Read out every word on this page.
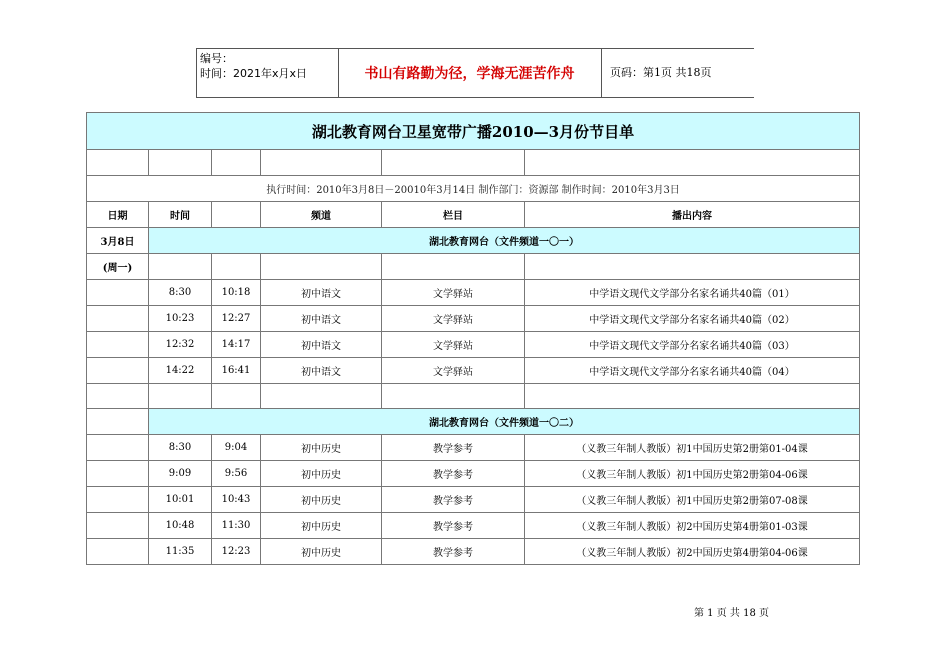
编号：
时间：2021年x月x日	书山有路勤为径，学海无涯苦作舟	页码：第1页 共18页
湖北教育网台卫星宽带广播2010—3月份节目单					

执行时间：2010年3月8日－20010年3月14日 制作部门：资源部 制作时间：2010年3月3日					
日期	时间		频道	栏目	播出内容
3月8日	湖北教育网台（文件频道一〇一）				
(周一)					
	8:30	10:18	初中语文	文学驿站	中学语文现代文学部分名家名诵共40篇（01）
	10:23	12:27	初中语文	文学驿站	中学语文现代文学部分名家名诵共40篇（02）
	12:32	14:17	初中语文	文学驿站	中学语文现代文学部分名家名诵共40篇（03）
	14:22	16:41	初中语文	文学驿站	中学语文现代文学部分名家名诵共40篇（04）

	湖北教育网台（文件频道一〇二）				
	8:30	9:04	初中历史	教学参考	（义教三年制人教版）初1中国历史第2册第01-04课
	9:09	9:56	初中历史	教学参考	（义教三年制人教版）初1中国历史第2册第04-06课
	10:01	10:43	初中历史	教学参考	（义教三年制人教版）初1中国历史第2册第07-08课
	10:48	11:30	初中历史	教学参考	（义教三年制人教版）初2中国历史第4册第01-03课
	11:35	12:23	初中历史	教学参考	（义教三年制人教版）初2中国历史第4册第04-06课
第 1 页 共 18 页
